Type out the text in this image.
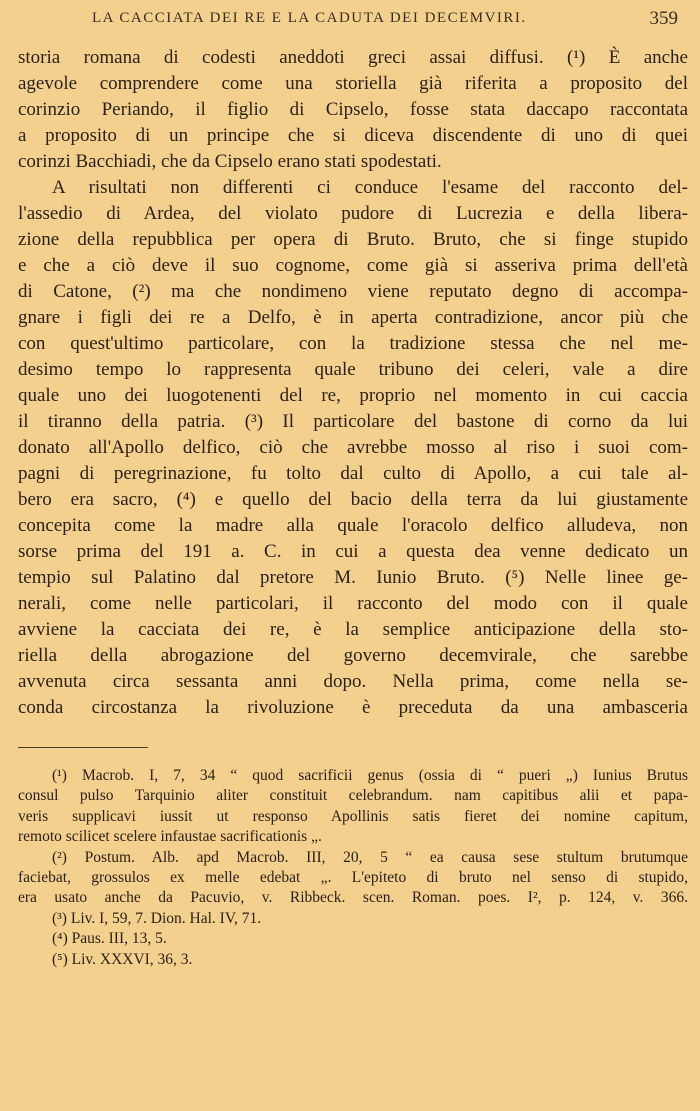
LA CACCIATA DEI RE E LA CADUTA DEI DECEMVIRI.	359
storia romana di codesti aneddoti greci assai diffusi. (¹) È anche
agevole comprendere come una storiella già riferita a proposito del
corinzio Periando, il figlio di Cipselo, fosse stata daccapo raccontata
a proposito di un principe che si diceva discendente di uno di quei
corinzi Bacchiadi, che da Cipselo erano stati spodestati.
A risultati non differenti ci conduce l'esame del racconto del-
l'assedio di Ardea, del violato pudore di Lucrezia e della libera-
zione della repubblica per opera di Bruto. Bruto, che si finge stupido
e che a ciò deve il suo cognome, come già si asseriva prima dell'età
di Catone, (²) ma che nondimeno viene reputato degno di accompa-
gnare i figli dei re a Delfo, è in aperta contradizione, ancor più che
con quest'ultimo particolare, con la tradizione stessa che nel me-
desimo tempo lo rappresenta quale tribuno dei celeri, vale a dire
quale uno dei luogotenenti del re, proprio nel momento in cui caccia
il tiranno della patria. (³) Il particolare del bastone di corno da lui
donato all'Apollo delfico, ciò che avrebbe mosso al riso i suoi com-
pagni di peregrinazione, fu tolto dal culto di Apollo, a cui tale al-
bero era sacro, (⁴) e quello del bacio della terra da lui giustamente
concepita come la madre alla quale l'oracolo delfico alludeva, non
sorse prima del 191 a. C. in cui a questa dea venne dedicato un
tempio sul Palatino dal pretore M. Iunio Bruto. (⁵) Nelle linee ge-
nerali, come nelle particolari, il racconto del modo con il quale
avviene la cacciata dei re, è la semplice anticipazione della sto-
riella della abrogazione del governo decemvirale, che sarebbe
avvenuta circa sessanta anni dopo. Nella prima, come nella se-
conda circostanza la rivoluzione è preceduta da una ambasceria
(¹) Macrob. I, 7, 34 “ quod sacrificii genus (ossia di “ pueri „) Iunius Brutus
consul pulso Tarquinio aliter constituit celebrandum. nam capitibus alii et papa-
veris supplicavi iussit ut responso Apollinis satis fieret dei nomine capitum,
remoto scilicet scelere infaustae sacrificationis „.
(²) Postum. Alb. apd Macrob. III, 20, 5 “ ea causa sese stultum brutumque
faciebat, grossulos ex melle edebat „. L'epiteto di bruto nel senso di stupido,
era usato anche da Pacuvio, v. Ribbeck. scen. Roman. poes. I², p. 124, v. 366.
(³) Liv. I, 59, 7. Dion. Hal. IV, 71.
(⁴) Paus. III, 13, 5.
(⁵) Liv. XXXVI, 36, 3.
